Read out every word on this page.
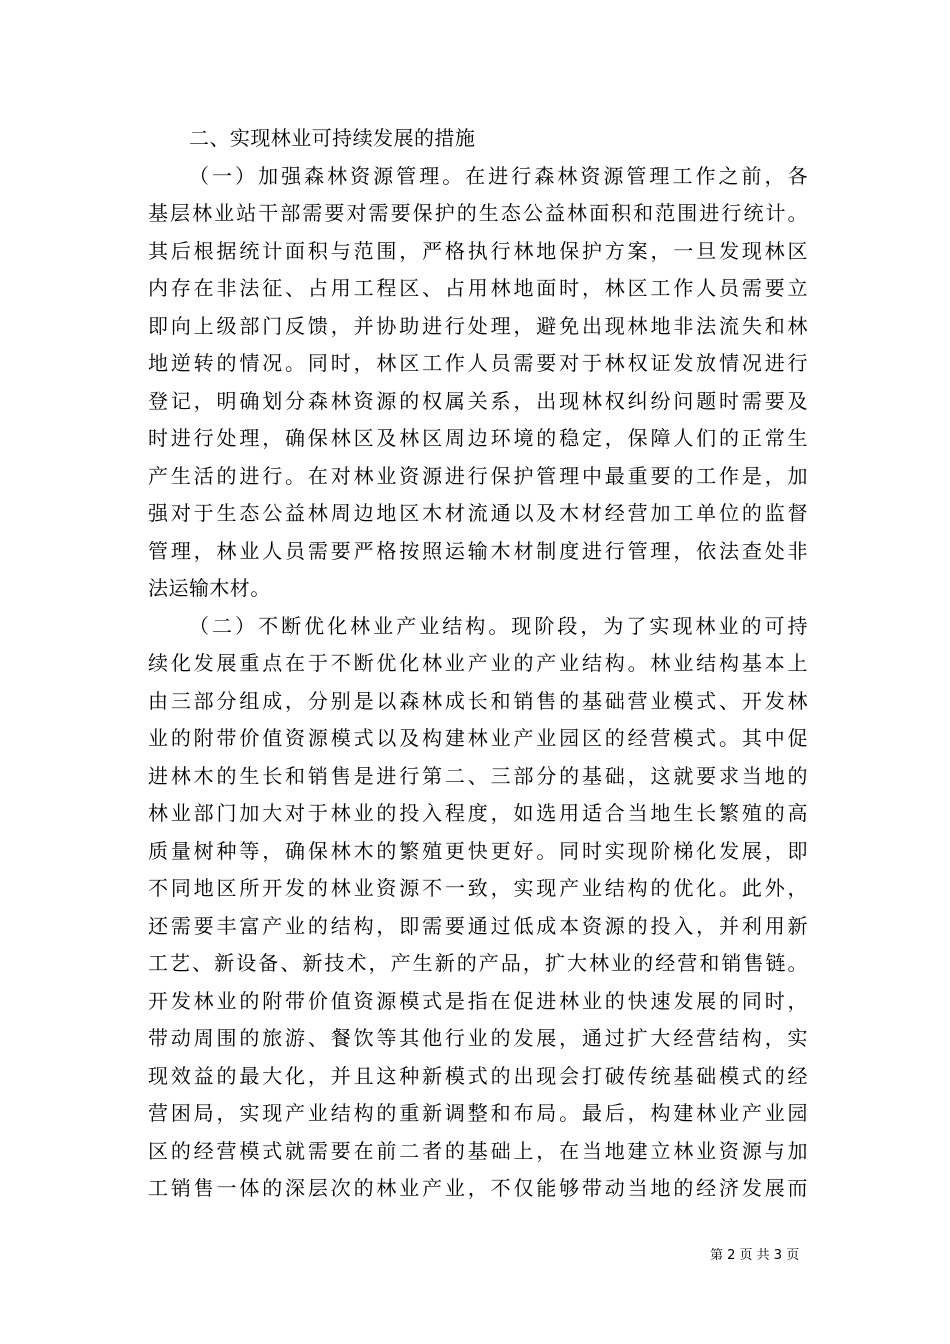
二、实现林业可持续发展的措施
（一）加强森林资源管理。在进行森林资源管理工作之前，各
基层林业站干部需要对需要保护的生态公益林面积和范围进行统计。
其后根据统计面积与范围，严格执行林地保护方案，一旦发现林区
内存在非法征、占用工程区、占用林地面时，林区工作人员需要立
即向上级部门反馈，并协助进行处理，避免出现林地非法流失和林
地逆转的情况。同时，林区工作人员需要对于林权证发放情况进行
登记，明确划分森林资源的权属关系，出现林权纠纷问题时需要及
时进行处理，确保林区及林区周边环境的稳定，保障人们的正常生
产生活的进行。在对林业资源进行保护管理中最重要的工作是，加
强对于生态公益林周边地区木材流通以及木材经营加工单位的监督
管理，林业人员需要严格按照运输木材制度进行管理，依法查处非
法运输木材。
（二）不断优化林业产业结构。现阶段，为了实现林业的可持
续化发展重点在于不断优化林业产业的产业结构。林业结构基本上
由三部分组成，分别是以森林成长和销售的基础营业模式、开发林
业的附带价值资源模式以及构建林业产业园区的经营模式。其中促
进林木的生长和销售是进行第二、三部分的基础，这就要求当地的
林业部门加大对于林业的投入程度，如选用适合当地生长繁殖的高
质量树种等，确保林木的繁殖更快更好。同时实现阶梯化发展，即
不同地区所开发的林业资源不一致，实现产业结构的优化。此外，
还需要丰富产业的结构，即需要通过低成本资源的投入，并利用新
工艺、新设备、新技术，产生新的产品，扩大林业的经营和销售链。
开发林业的附带价值资源模式是指在促进林业的快速发展的同时，
带动周围的旅游、餐饮等其他行业的发展，通过扩大经营结构，实
现效益的最大化，并且这种新模式的出现会打破传统基础模式的经
营困局，实现产业结构的重新调整和布局。最后，构建林业产业园
区的经营模式就需要在前二者的基础上，在当地建立林业资源与加
工销售一体的深层次的林业产业，不仅能够带动当地的经济发展而
第 2 页 共 3 页
